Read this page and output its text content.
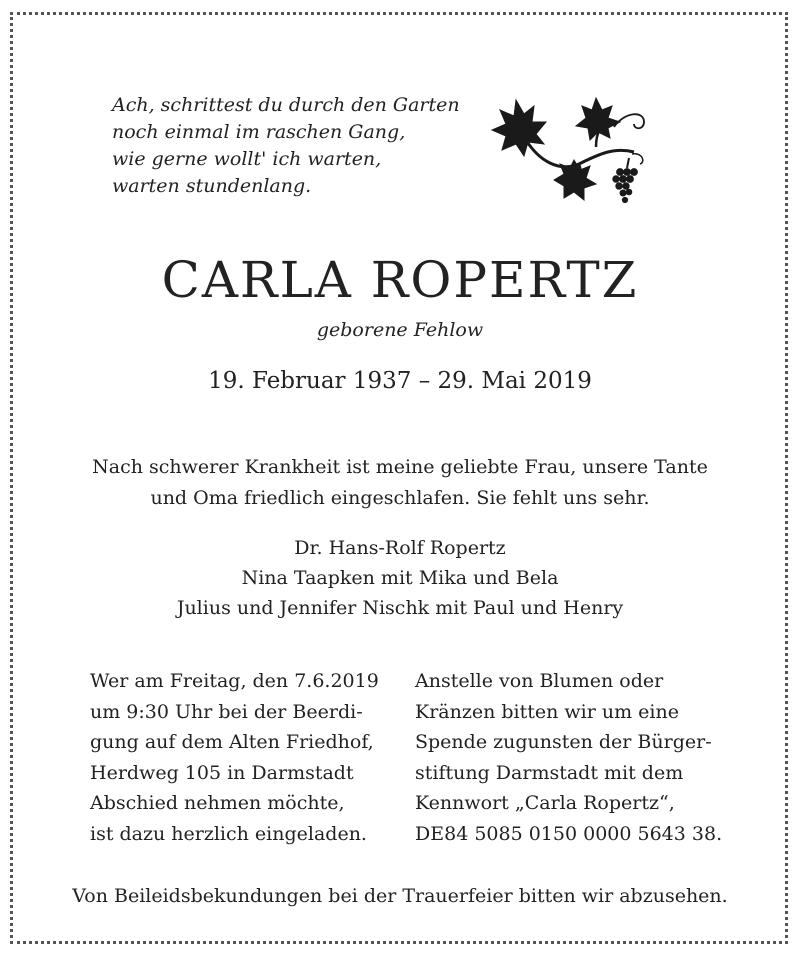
Ach, schrittest du durch den Garten
noch einmal im raschen Gang,
wie gerne wollt' ich warten,
warten stundenlang.
CARLA ROPERTZ
geborene Fehlow
19. Februar 1937 – 29. Mai 2019
Nach schwerer Krankheit ist meine geliebte Frau, unsere Tante
und Oma friedlich eingeschlafen. Sie fehlt uns sehr.
Dr. Hans-Rolf Ropertz
Nina Taapken mit Mika und Bela
Julius und Jennifer Nischk mit Paul und Henry
Wer am Freitag, den 7.6.2019
um 9:30 Uhr bei der Beerdi-
gung auf dem Alten Friedhof,
Herdweg 105 in Darmstadt
Abschied nehmen möchte,
ist dazu herzlich eingeladen.
Anstelle von Blumen oder
Kränzen bitten wir um eine
Spende zugunsten der Bürger-
stiftung Darmstadt mit dem
Kennwort „Carla Ropertz“,
DE84 5085 0150 0000 5643 38.
Von Beileidsbekundungen bei der Trauerfeier bitten wir abzusehen.
